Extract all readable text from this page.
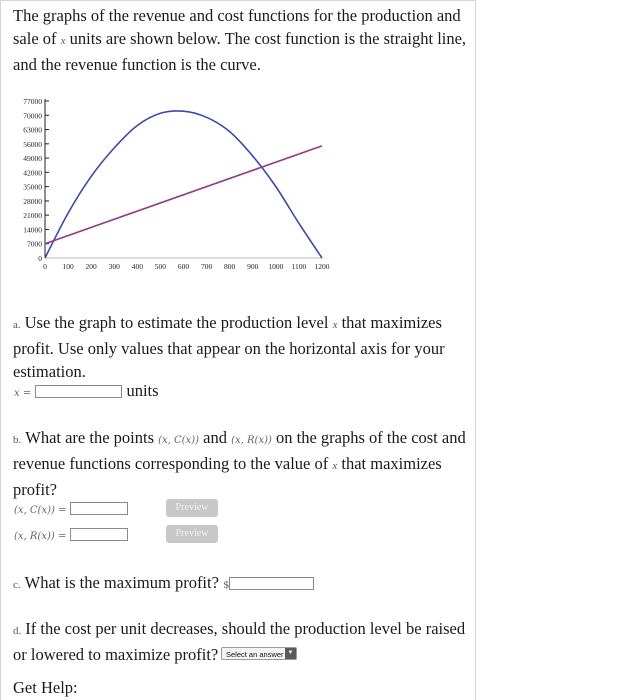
The graphs of the revenue and cost functions for the production and
sale of x units are shown below. The cost function is the straight line,
and the revenue function is the curve.

0
7000
14000
21000
28000
35000
42000
49000
56000
63000
70000
77000
0 100 200 300 400 500 600 700 800 900 1000 1100 1200

a. Use the graph to estimate the production level x that maximizes
profit. Use only values that appear on the horizontal axis for your
estimation.

x =	units

b. What are the points (x, C(x)) and (x, R(x)) on the graphs of the cost and
revenue functions corresponding to the value of x that maximizes
profit?

(x, C(x)) =	Preview
(x, R(x)) =	Preview
c. What is the maximum profit? $

d. If the cost per unit decreases, should the production level be raised
or lowered to maximize profit?	Select an answer ▼
Get Help:
